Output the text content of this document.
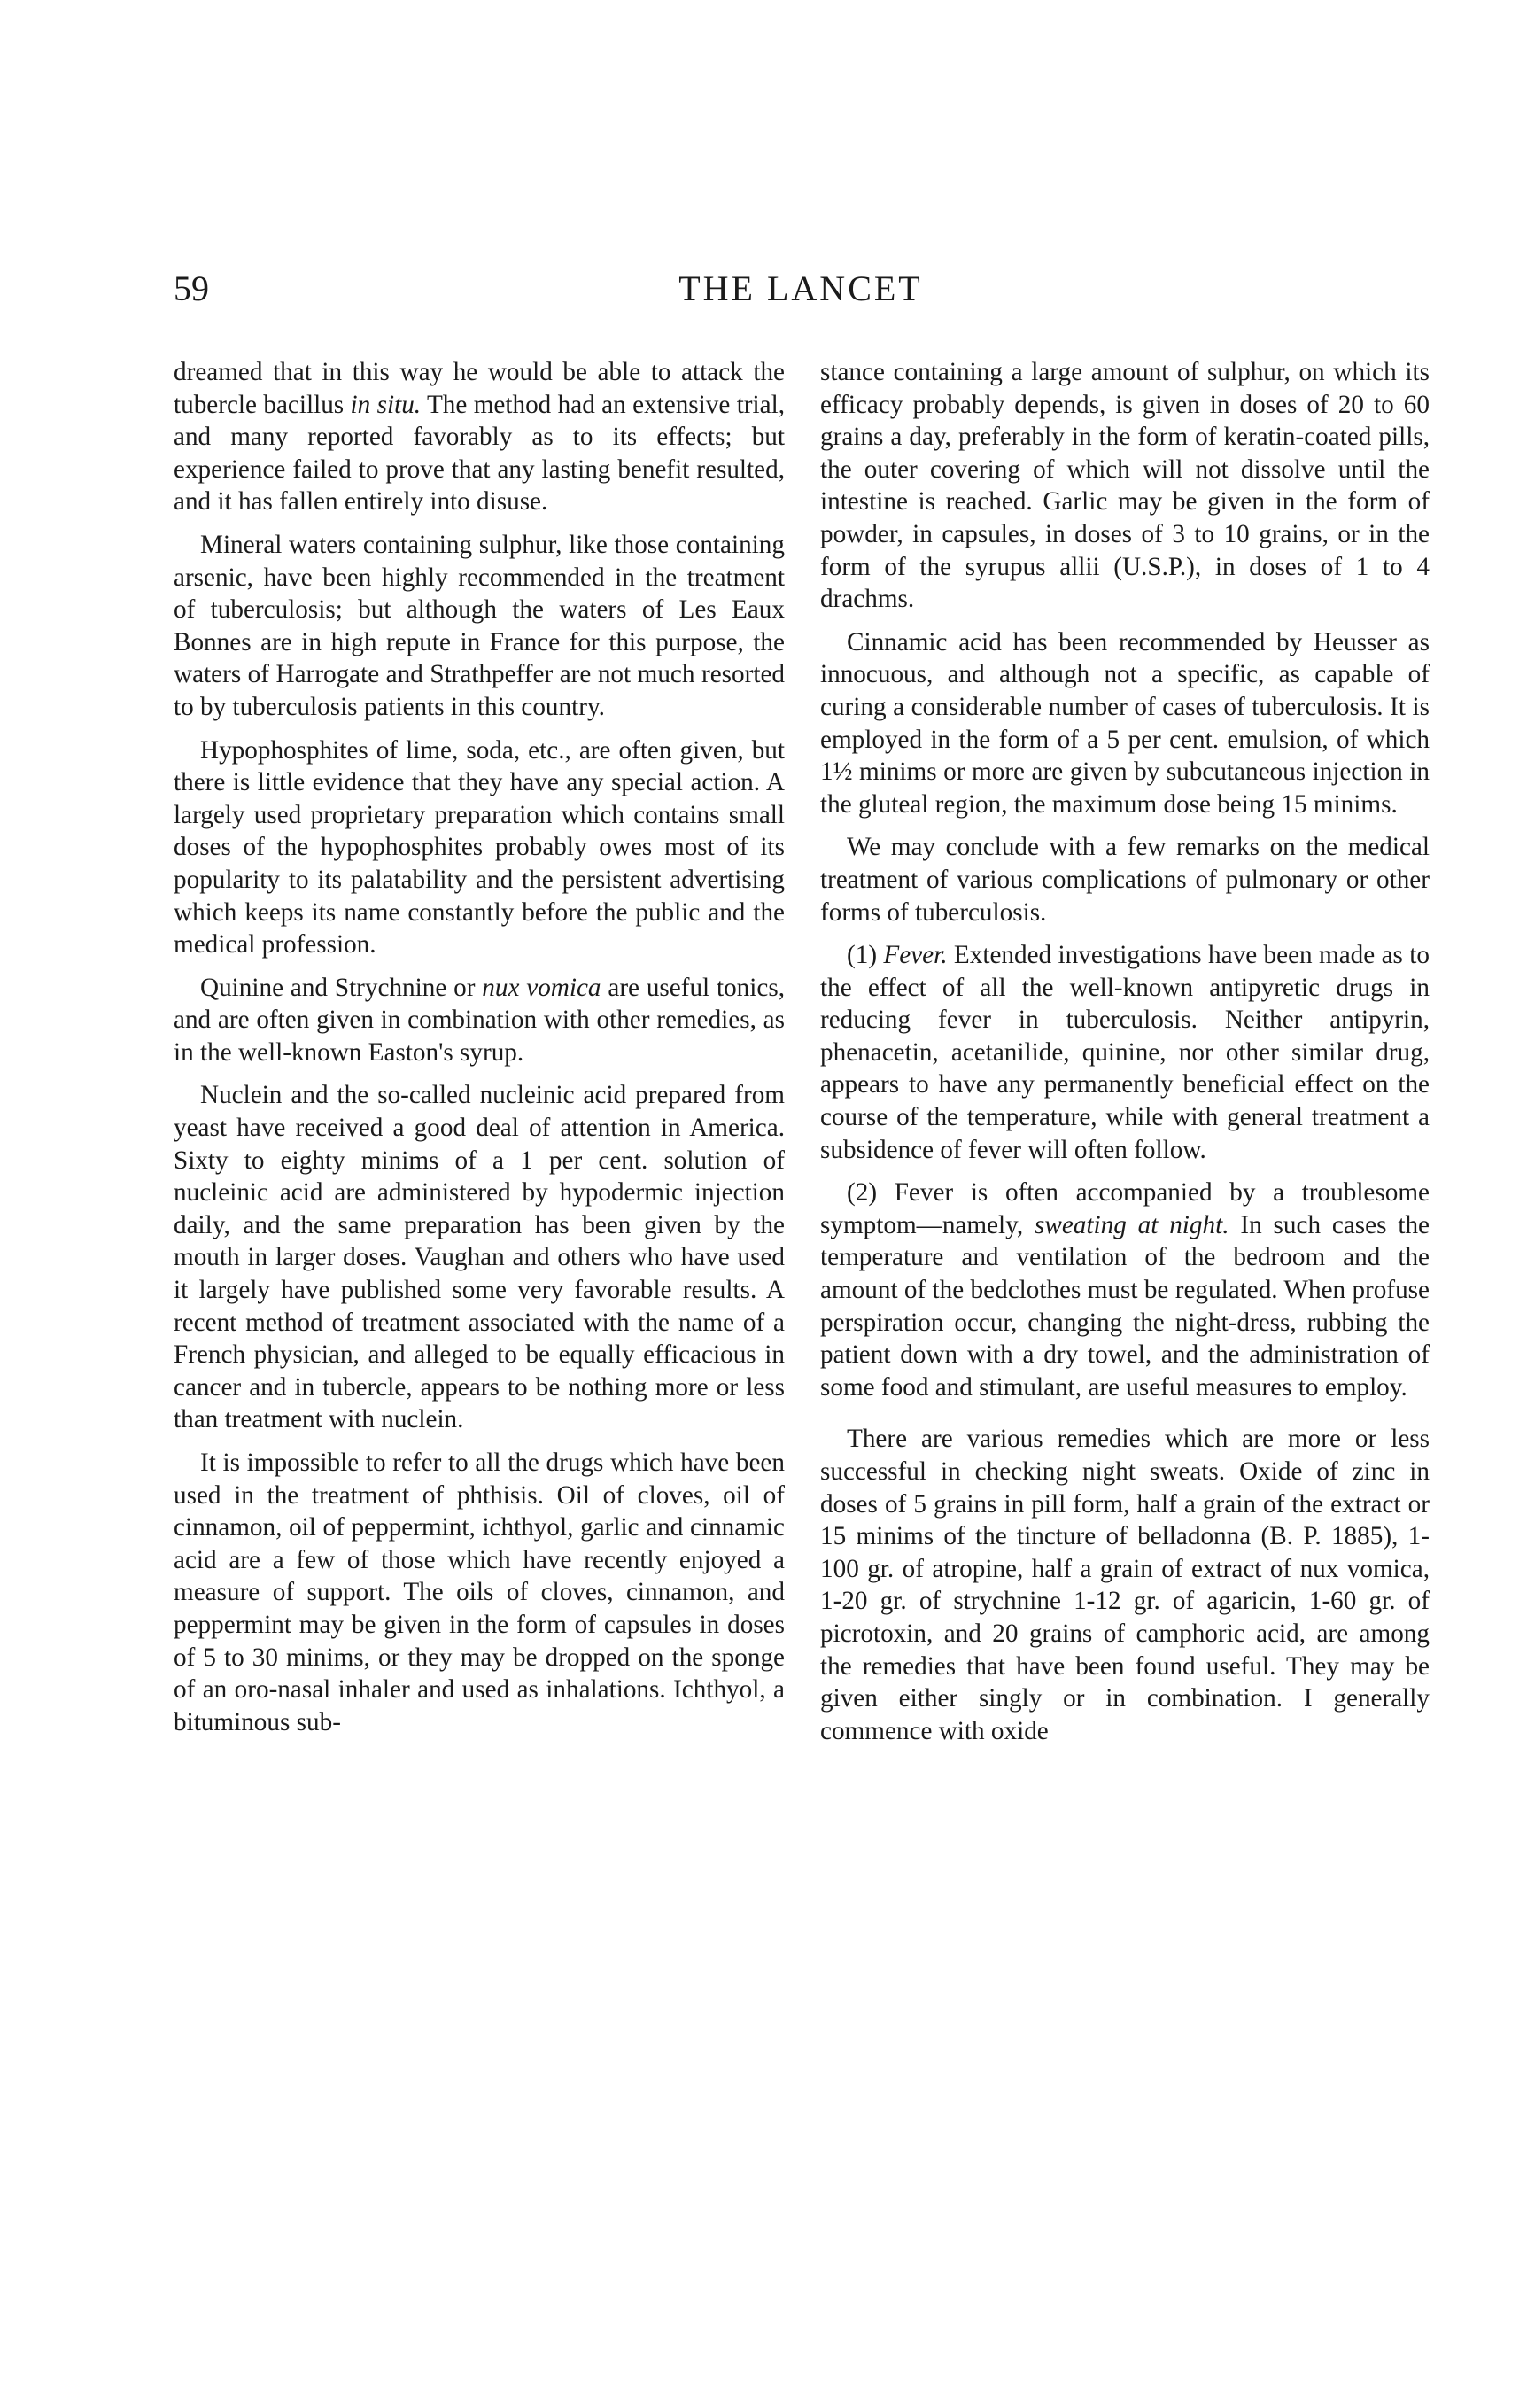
59	THE LANCET

dreamed that in this way he would be able to attack the tubercle bacillus in situ. The method had an extensive trial, and many reported favorably as to its effects; but experience failed to prove that any lasting benefit resulted, and it has fallen entirely into disuse.

Mineral waters containing sulphur, like those containing arsenic, have been highly recommended in the treatment of tuberculosis; but although the waters of Les Eaux Bonnes are in high repute in France for this purpose, the waters of Harrogate and Strathpeffer are not much resorted to by tuberculosis patients in this country.

Hypophosphites of lime, soda, etc., are often given, but there is little evidence that they have any special action. A largely used proprietary preparation which contains small doses of the hypophosphites probably owes most of its popularity to its palatability and the persistent advertising which keeps its name constantly before the public and the medical profession.

Quinine and Strychnine or nux vomica are useful tonics, and are often given in combination with other remedies, as in the well-known Easton's syrup.

Nuclein and the so-called nucleinic acid prepared from yeast have received a good deal of attention in America. Sixty to eighty minims of a 1 per cent. solution of nucleinic acid are administered by hypodermic injection daily, and the same preparation has been given by the mouth in larger doses. Vaughan and others who have used it largely have published some very favorable results. A recent method of treatment associated with the name of a French physician, and alleged to be equally efficacious in cancer and in tubercle, appears to be nothing more or less than treatment with nuclein.

It is impossible to refer to all the drugs which have been used in the treatment of phthisis. Oil of cloves, oil of cinnamon, oil of peppermint, ichthyol, garlic and cinnamic acid are a few of those which have recently enjoyed a measure of support. The oils of cloves, cinnamon, and peppermint may be given in the form of capsules in doses of 5 to 30 minims, or they may be dropped on the sponge of an oro-nasal inhaler and used as inhalations. Ichthyol, a bituminous sub-

stance containing a large amount of sulphur, on which its efficacy probably depends, is given in doses of 20 to 60 grains a day, preferably in the form of keratin-coated pills, the outer covering of which will not dissolve until the intestine is reached. Garlic may be given in the form of powder, in capsules, in doses of 3 to 10 grains, or in the form of the syrupus allii (U.S.P.), in doses of 1 to 4 drachms.

Cinnamic acid has been recommended by Heusser as innocuous, and although not a specific, as capable of curing a considerable number of cases of tuberculosis. It is employed in the form of a 5 per cent. emulsion, of which 1½ minims or more are given by subcutaneous injection in the gluteal region, the maximum dose being 15 minims.

We may conclude with a few remarks on the medical treatment of various complications of pulmonary or other forms of tuberculosis.

(1) Fever. Extended investigations have been made as to the effect of all the well-known antipyretic drugs in reducing fever in tuberculosis. Neither antipyrin, phenacetin, acetanilide, quinine, nor other similar drug, appears to have any permanently beneficial effect on the course of the temperature, while with general treatment a subsidence of fever will often follow.

(2) Fever is often accompanied by a troublesome symptom—namely, sweating at night. In such cases the temperature and ventilation of the bedroom and the amount of the bedclothes must be regulated. When profuse perspiration occur, changing the night-dress, rubbing the patient down with a dry towel, and the administration of some food and stimulant, are useful measures to employ.

There are various remedies which are more or less successful in checking night sweats. Oxide of zinc in doses of 5 grains in pill form, half a grain of the extract or 15 minims of the tincture of belladonna (B. P. 1885), 1-100 gr. of atropine, half a grain of extract of nux vomica, 1-20 gr. of strychnine 1-12 gr. of agaricin, 1-60 gr. of picrotoxin, and 20 grains of camphoric acid, are among the remedies that have been found useful. They may be given either singly or in combination. I generally commence with oxide
